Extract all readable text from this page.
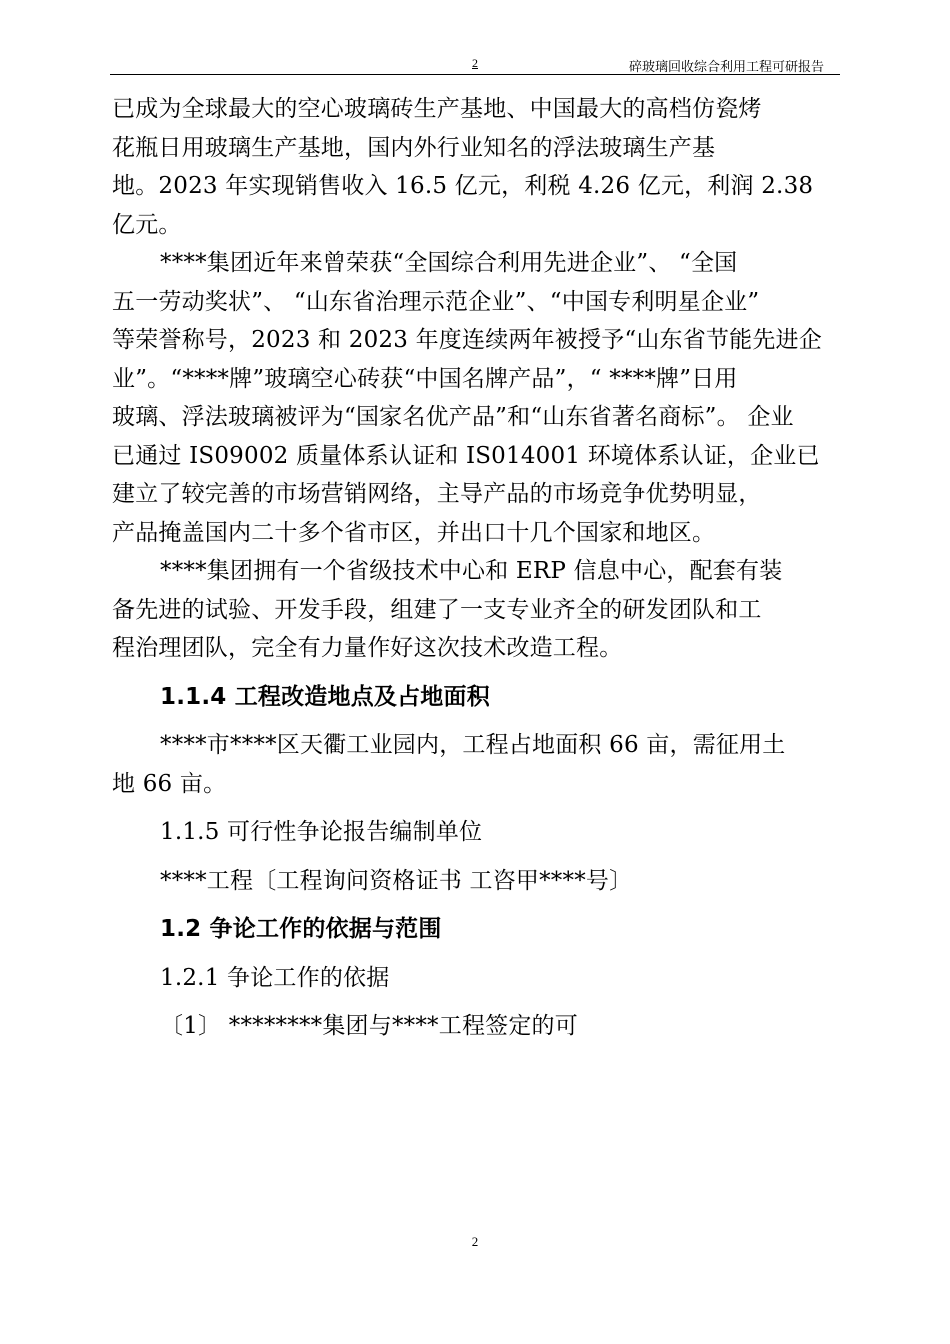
2	碎玻璃回收综合利用工程可研报告
已成为全球最大的空心玻璃砖生产基地、中国最大的高档仿瓷烤
花瓶日用玻璃生产基地，国内外行业知名的浮法玻璃生产基
地。2023 年实现销售收入 16.5 亿元，利税 4.26 亿元，利润 2.38
亿元。
****集团近年来曾荣获“全国综合利用先进企业”、 “全国
五一劳动奖状”、 “山东省治理示范企业”、“中国专利明星企业”
等荣誉称号，2023 和 2023 年度连续两年被授予“山东省节能先进企
业”。“****牌”玻璃空心砖获“中国名牌产品”，“ ****牌”日用
玻璃、浮法玻璃被评为“国家名优产品”和“山东省著名商标”。 企业
已通过 IS09002 质量体系认证和 IS014001 环境体系认证，企业已
建立了较完善的市场营销网络，主导产品的市场竞争优势明显，
产品掩盖国内二十多个省市区，并出口十几个国家和地区。
****集团拥有一个省级技术中心和 ERP 信息中心，配套有装
备先进的试验、开发手段，组建了一支专业齐全的研发团队和工
程治理团队，完全有力量作好这次技术改造工程。
1.1.4 工程改造地点及占地面积
****市****区天衢工业园内，工程占地面积 66 亩，需征用土
地 66 亩。
1.1.5 可行性争论报告编制单位
****工程〔工程询问资格证书 工咨甲****号〕
1.2 争论工作的依据与范围
1.2.1 争论工作的依据
〔1〕 ********集团与****工程签定的可
2
